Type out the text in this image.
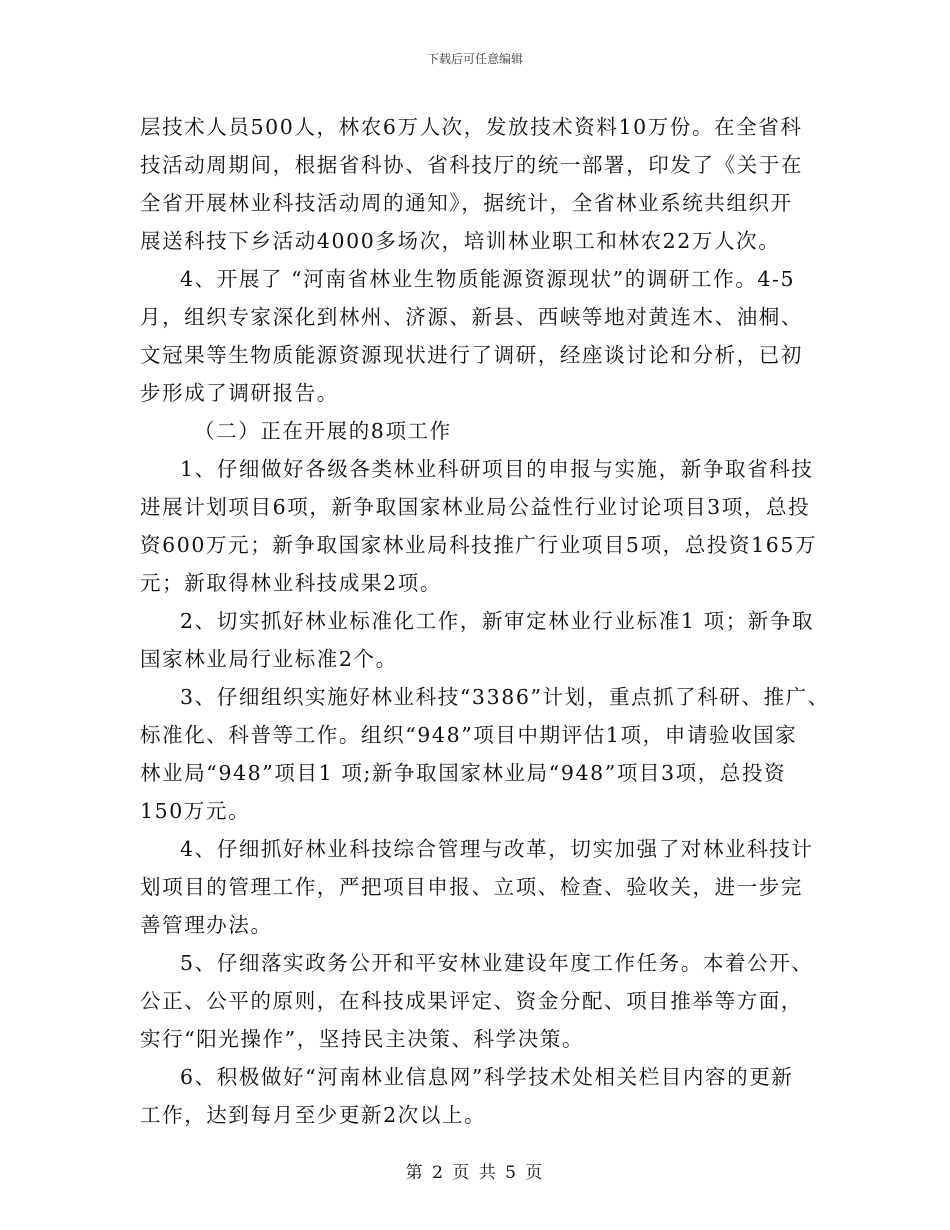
下载后可任意编辑
层技术人员500人，林农6万人次，发放技术资料10万份。在全省科
技活动周期间，根据省科协、省科技厅的统一部署，印发了《关于在
全省开展林业科技活动周的通知》，据统计，全省林业系统共组织开
展送科技下乡活动4000多场次，培训林业职工和林农22万人次。
4、开展了 “河南省林业生物质能源资源现状”的调研工作。4-5
月，组织专家深化到林州、济源、新县、西峡等地对黄连木、油桐、
文冠果等生物质能源资源现状进行了调研，经座谈讨论和分析，已初
步形成了调研报告。
（二）正在开展的8项工作
1、仔细做好各级各类林业科研项目的申报与实施，新争取省科技
进展计划项目6项，新争取国家林业局公益性行业讨论项目3项，总投
资600万元；新争取国家林业局科技推广行业项目5项，总投资165万
元；新取得林业科技成果2项。
2、切实抓好林业标准化工作，新审定林业行业标准1 项；新争取
国家林业局行业标准2个。
3、仔细组织实施好林业科技“3386”计划，重点抓了科研、推广、
标准化、科普等工作。组织“948”项目中期评估1项，申请验收国家
林业局“948”项目1 项;新争取国家林业局“948”项目3项，总投资
150万元。
4、仔细抓好林业科技综合管理与改革，切实加强了对林业科技计
划项目的管理工作，严把项目申报、立项、检查、验收关，进一步完
善管理办法。
5、仔细落实政务公开和平安林业建设年度工作任务。本着公开、
公正、公平的原则，在科技成果评定、资金分配、项目推举等方面，
实行“阳光操作”，坚持民主决策、科学决策。
6、积极做好“河南林业信息网”科学技术处相关栏目内容的更新
工作，达到每月至少更新2次以上。
第 2 页 共 5 页
